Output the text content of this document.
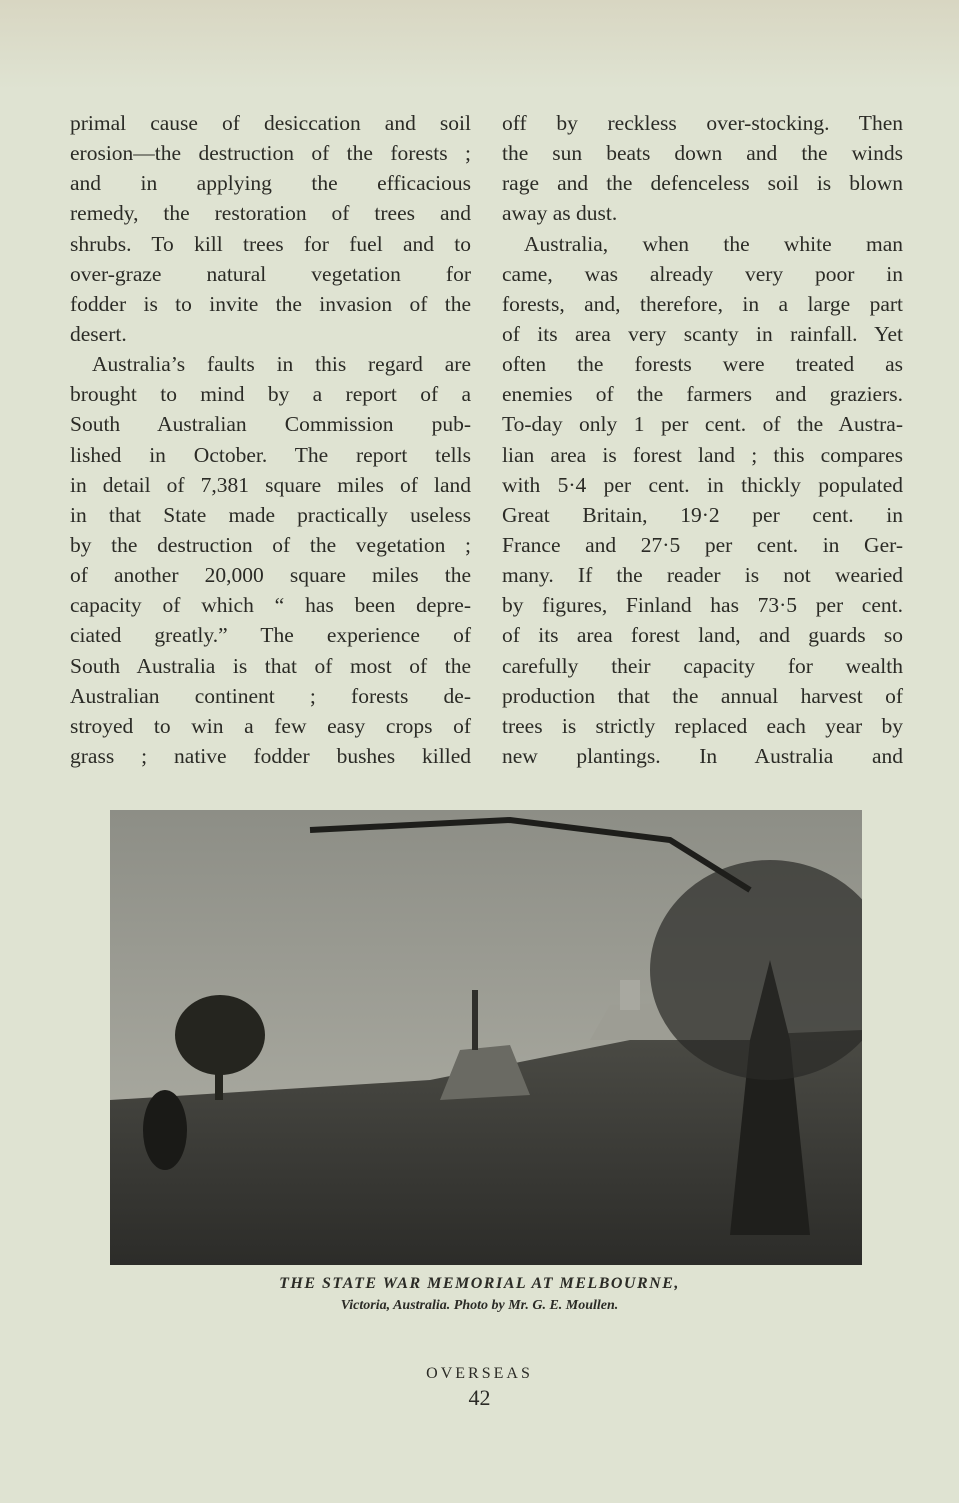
primal cause of desiccation and soil
erosion—the destruction of the forests ;
and in applying the efficacious
remedy, the restoration of trees and
shrubs. To kill trees for fuel and to
over-graze natural vegetation for
fodder is to invite the invasion of the
desert.
Australia’s faults in this regard are
brought to mind by a report of a
South Australian Commission pub-
lished in October. The report tells
in detail of 7,381 square miles of land
in that State made practically useless
by the destruction of the vegetation ;
of another 20,000 square miles the
capacity of which “ has been depre-
ciated greatly.” The experience of
South Australia is that of most of the
Australian continent ; forests de-
stroyed to win a few easy crops of
grass ; native fodder bushes killed
off by reckless over-stocking. Then
the sun beats down and the winds
rage and the defenceless soil is blown
away as dust.
Australia, when the white man
came, was already very poor in
forests, and, therefore, in a large part
of its area very scanty in rainfall. Yet
often the forests were treated as
enemies of the farmers and graziers.
To-day only 1 per cent. of the Austra-
lian area is forest land ; this compares
with 5·4 per cent. in thickly populated
Great Britain, 19·2 per cent. in
France and 27·5 per cent. in Ger-
many. If the reader is not wearied
by figures, Finland has 73·5 per cent.
of its area forest land, and guards so
carefully their capacity for wealth
production that the annual harvest of
trees is strictly replaced each year by
new plantings. In Australia and
THE STATE WAR MEMORIAL AT MELBOURNE,
Victoria, Australia. Photo by Mr. G. E. Moullen.
OVERSEAS
42
